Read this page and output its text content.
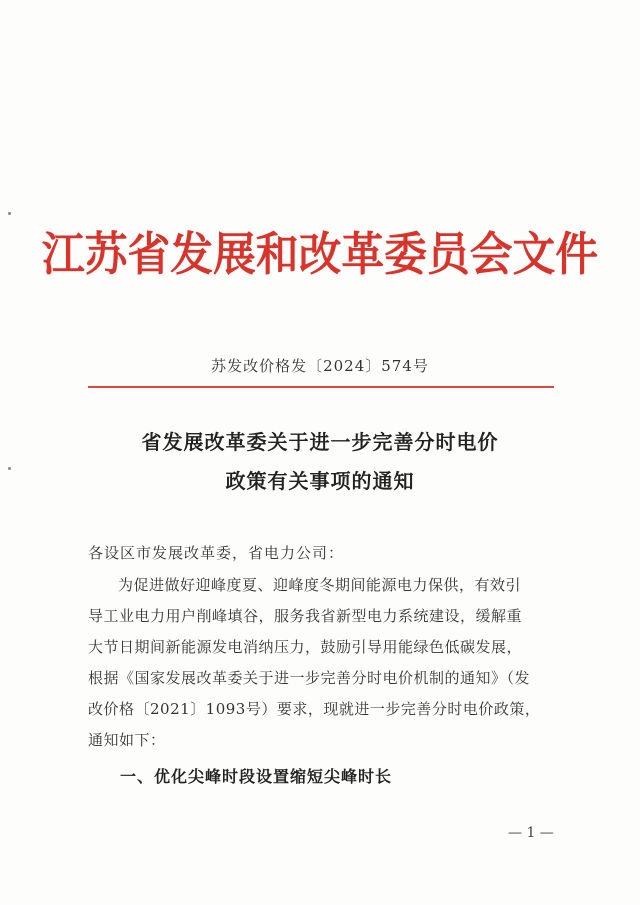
江苏省发展和改革委员会文件
苏发改价格发〔2024〕574号
省发展改革委关于进一步完善分时电价
政策有关事项的通知
各设区市发展改革委，省电力公司：
为促进做好迎峰度夏、迎峰度冬期间能源电力保供，有效引
导工业电力用户削峰填谷，服务我省新型电力系统建设，缓解重
大节日期间新能源发电消纳压力，鼓励引导用能绿色低碳发展，
根据《国家发展改革委关于进一步完善分时电价机制的通知》（发
改价格〔2021〕1093号）要求，现就进一步完善分时电价政策，
通知如下：
一、优化尖峰时段设置缩短尖峰时长
— 1 —
